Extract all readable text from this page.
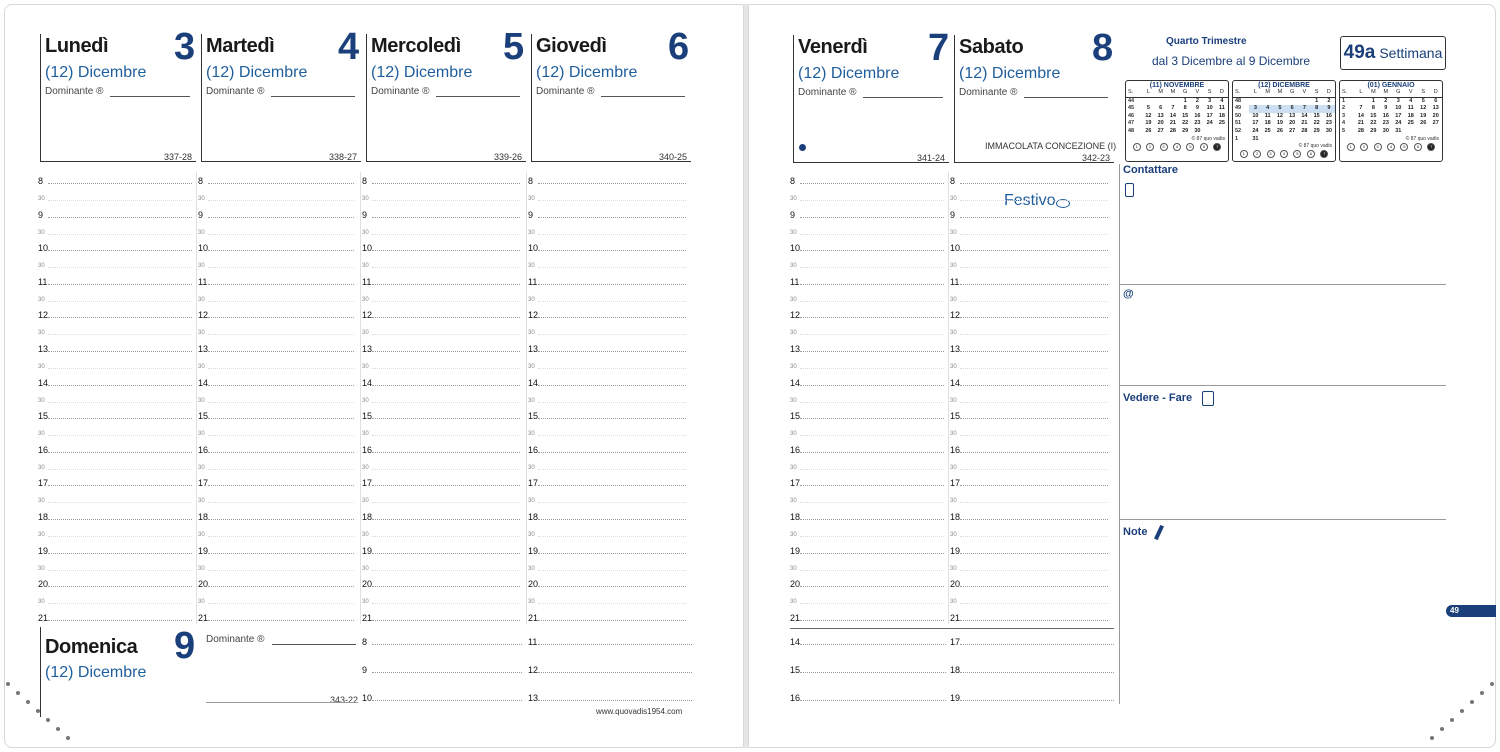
Lunedì 3
(12) Dicembre
Dominante ®
337-28
Martedì 4
(12) Dicembre
Dominante ®
338-27
Mercoledì 5
(12) Dicembre
Dominante ®
339-26
Giovedì 6
(12) Dicembre
Dominante ®
340-25
Venerdì 7
(12) Dicembre
Dominante ®
341-24
Sabato 8
(12) Dicembre
Dominante ®
342-23
IMMACOLATA CONCEZIONE (I)
Festivo
8
30
9
30
10
30
11
30
12
30
13
30
14
30
15
30
16
30
17
30
18
30
19
30
20
30
21
8
30
9
30
10
30
11
30
12
30
13
30
14
30
15
30
16
30
17
30
18
30
19
30
20
30
21
8
30
9
30
10
30
11
30
12
30
13
30
14
30
15
30
16
30
17
30
18
30
19
30
20
30
21
8
30
9
30
10
30
11
30
12
30
13
30
14
30
15
30
16
30
17
30
18
30
19
30
20
30
21
8
30
9
30
10
30
11
30
12
30
13
30
14
30
15
30
16
30
17
30
18
30
19
30
20
30
21
8
30
9
30
10
30
11
30
12
30
13
30
14
30
15
30
16
30
17
30
18
30
19
30
20
30
21
Domenica 9
(12) Dicembre
Dominante ®
343-22
8
9
10
11
12
13
14
15
16
17
18
19
(11) NOVEMBRE
S.	L	M	M	G	V	S	D
44				1	2	3	4
45	5	6	7	8	9	10	11
46	12	13	14	15	16	17	18
47	19	20	21	22	23	24	25
48	26	27	28	29	30		
© 87 quo vadis
1	2	3	4	5	6	7
(12) DICEMBRE
S.	L	M	M	G	V	S	D
48						1	2
49	3	4	5	6	7	8	9
50	10	11	12	13	14	15	16
51	17	18	19	20	21	22	23
52	24	25	26	27	28	29	30
1	31						
© 87 quo vadis
1	2	3	4	5	6	7
(01) GENNAIO
S.	L	M	M	G	V	S	D
1		1	2	3	4	5	6
2	7	8	9	10	11	12	13
3	14	15	16	17	18	19	20
4	21	22	23	24	25	26	27
5	28	29	30	31			
© 87 quo vadis
1	2	3	4	5	6	7
Quarto Trimestre
dal 3 Dicembre al 9 Dicembre 49a Settimana
Contattare
@
Vedere - Fare
Note
49
www.quovadis1954.com
